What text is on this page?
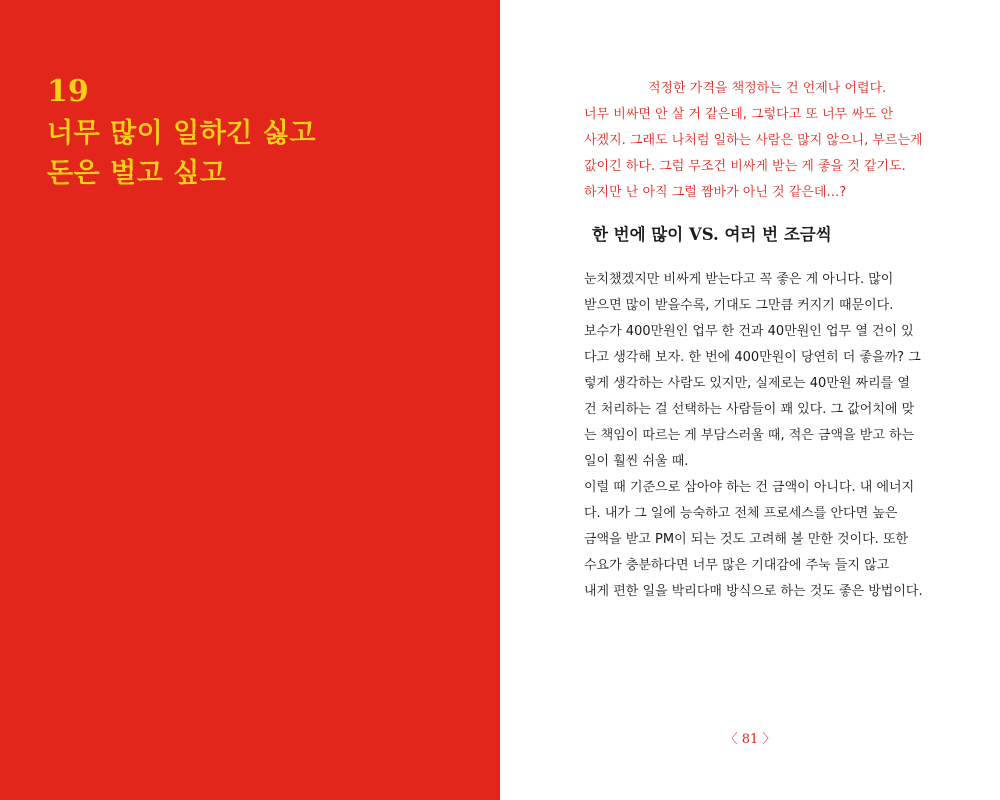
19
너무 많이 일하긴 싫고
돈은 벌고 싶고
적정한 가격을 책정하는 건 언제나 어렵다.
너무 비싸면 안 살 거 같은데, 그렇다고 또 너무 싸도 안
사겠지. 그래도 나처럼 일하는 사람은 많지 않으니, 부르는게
값이긴 하다. 그럼 무조건 비싸게 받는 게 좋을 것 같기도.
하지만 난 아직 그럴 짬바가 아닌 것 같은데…?
한 번에 많이 VS. 여러 번 조금씩
눈치챘겠지만 비싸게 받는다고 꼭 좋은 게 아니다. 많이
받으면 많이 받을수록, 기대도 그만큼 커지기 때문이다.
보수가 400만원인 업무 한 건과 40만원인 업무 열 건이 있
다고 생각해 보자. 한 번에 400만원이 당연히 더 좋을까? 그
렇게 생각하는 사람도 있지만, 실제로는 40만원 짜리를 열
건 처리하는 걸 선택하는 사람들이 꽤 있다. 그 값어치에 맞
는 책임이 따르는 게 부담스러울 때, 적은 금액을 받고 하는
일이 훨씬 쉬울 때.
이럴 때 기준으로 삼아야 하는 건 금액이 아니다. 내 에너지
다. 내가 그 일에 능숙하고 전체 프로세스를 안다면 높은
금액을 받고 PM이 되는 것도 고려해 볼 만한 것이다. 또한
수요가 충분하다면 너무 많은 기대감에 주눅 들지 않고
내게 편한 일을 박리다매 방식으로 하는 것도 좋은 방법이다.
〈 81 〉
